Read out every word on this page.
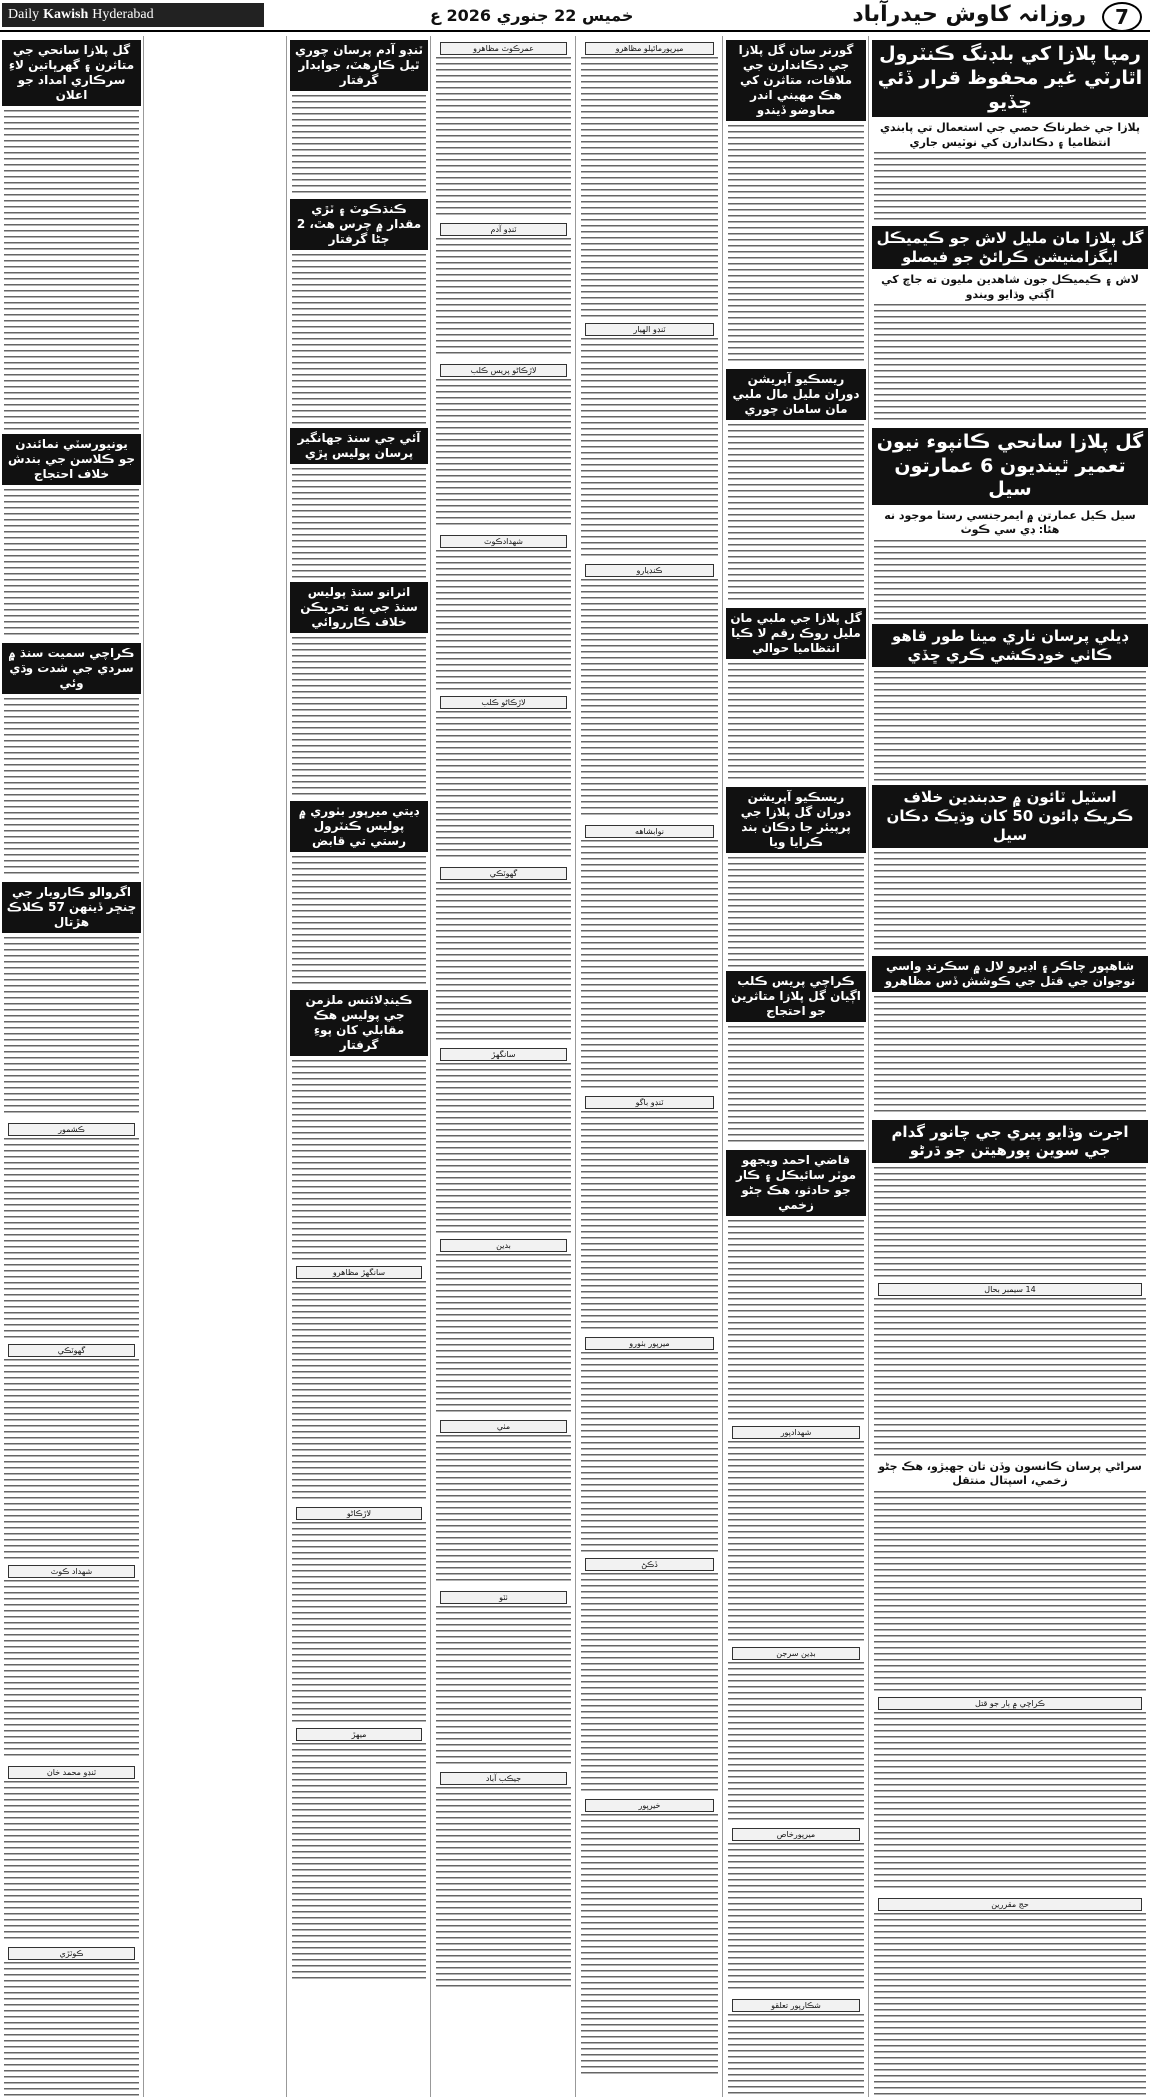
Daily Kawish Hyderabad	خميس 22 جنوري 2026 ع	روزانہ کاوش حیدرآباد	7
رمپا پلازا کي بلڊنگ ڪنٽرول اٿارٽي غير محفوظ قرار ڏئي ڇڏيو
پلازا جي خطرناڪ حصي جي استعمال تي پابندي انتظاميا ۽ دڪاندارن کي نوٽيس جاري
گل پلازا مان مليل لاش جو ڪيميڪل ايگزامنيشن ڪرائڻ جو فيصلو
لاش ۽ ڪيميڪل جون شاهدين مليون ته جاچ کي اڳتي وڌايو ويندو
گل پلازا سانحي ڪانپوء نيون تعمير ٿينديون 6 عمارتون سيل
سيل ڪيل عمارتن ۾ ايمرجنسي رستا موجود نه هئا: ڊي سي ڪوٺ
ڊيلي پرسان ناري مينا طور قاهو ڪاٺي خودڪشي ڪري ڇڏي
اسٽيل ٽائون ۾ حدبندين خلاف ڪريڪ ڊائون 50 کان وڌيڪ دڪان سيل
شاهپور چاڪر ۽ اڊيرو لال ۾ سڪرنڊ واسي نوجوان جي قتل جي ڪوشش ڏس مظاهرو
اجرت وڌايو پيري جي چانور گدام جي سوين پورهيتن جو ڌرڻو
14 سيمبر بحال
سراڻي پرسان ڪانسون وڏن تان جهيڙو، هڪ ڄڻو زخمي، اسپتال منتقل
ڪراچي ۾ ٻار جو قتل
حج مقررين
گورنر سان گل پلازا جي دڪاندارن جي ملاقات، متاثرن کي هڪ مهيني اندر معاوضو ڏيندو
ريسڪيو آپريشن دوران مليل مال ملبي مان سامان چوري
گل پلازا جي ملبي مان مليل روڪ رقم لا ڪيا انتظاميا حوالي
ريسڪيو آپريشن دوران گل پلازا جي پرپيئر جا دڪان بند ڪرايا ويا
ڪراچي پريس ڪلب اڳيان گل پلازا متاثرين جو احتجاج
قاضي احمد ويجهو موٽر سائيڪل ۽ ڪار جو حادثو، هڪ ڄڻو زخمي
شهدادپور
بڊين سرجن
ميرپورخاص
شڪارپور تعلقو
ميرپورماٿيلو مظاهرو
ٽنڊو الهيار
ڪنڊيارو
نوابشاهه
ٽنڊو باگو
ميرپور بٺورو
ڏڪڻ
خيرپور
عمرڪوٽ مظاهرو
ٽنڊو آدم
لاڙڪاڻو پريس ڪلب
شهدادڪوٽ
لاڙڪاڻو ڪلب
گھوٽڪي
سانگهڙ
بدين
مٺي
ٺٽو
جيڪب آباد
ٽنڊو آدم پرسان چوري ٿيل ڪارهٽ، جوابدار گرفتار
ڪنڌڪوٽ ۽ ٽڙي مقدار ۾ چرس هٿ، 2 ڄڻا گرفتار
آئي جي سنڌ جهانگير پرسان پوليس ڀڙي
اٺرانو سنڌ پوليس سنڌ جي ٻه تحريڪن خلاف ڪارروائي
ڊيتي ميرپور بٺوري ۾ پوليس ڪنٽرول رستي تي قابض
ڪينڊلائنس ملزمن جي پوليس هڪ مقابلي کان پوءِ گرفتار
سانگهڙ مظاهرو
لاڙڪاڻو
ميهڙ
گل پلازا سانحي جي متاثرن ۽ گهرڀاتين لاءِ سرڪاري امداد جو اعلان
يونيورسٽي نمائندن جو ڪلاسن جي بندش خلاف احتجاج
ڪراچي سميت سنڌ ۾ سردي جي شدت وڌي وئي
اگروالو ڪاروبار جي ڇنڇر ڏينهن 57 ڪلاڪ هڙتال
ڪشمور
گهوٽڪي
شهداد ڪوٽ
ٽنڊو محمد خان
ڪوٽڙي
